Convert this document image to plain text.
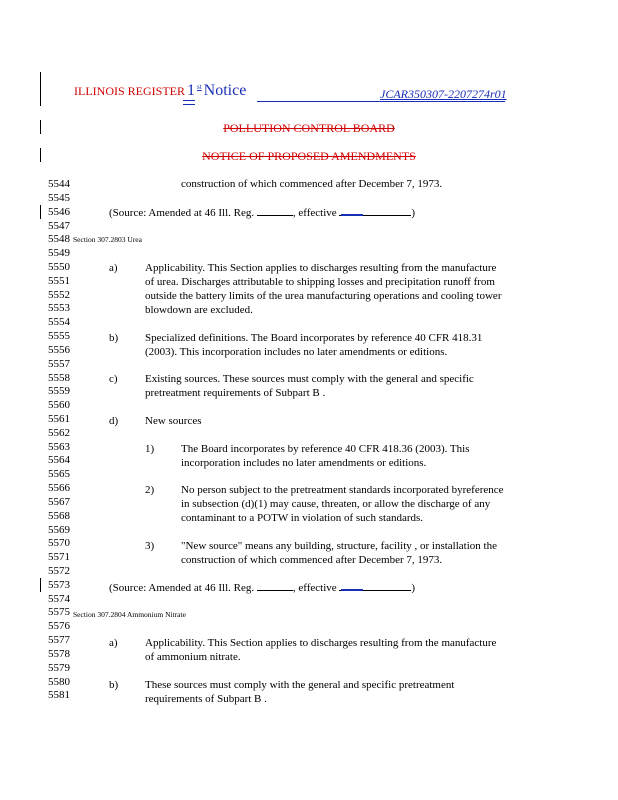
ILLINOIS REGISTER 1 $^{st}$ Notice	JCAR350307-2207274r01
POLLUTION CONTROL BOARD
NOTICE OF PROPOSED AMENDMENTS
5544
5545
5546
5547
5548
5549
5550
5551
5552
5553
5554
5555
5556
5557
5558
5559
5560
5561
5562
5563
5564
5565
5566
5567
5568
5569
5570
5571
5572
5573
5574
5575
5576
5577
5578
5579
5580
5581
construction of which commenced after December 7, 1973.
(Source: Amended at 46 Ill. Reg.	, effective	)
Section 307.2803 Urea
a) Applicability. This Section applies to discharges resulting from the manufacture
of urea. Discharges attributable to shipping losses and precipitation runoff from
outside the battery limits of the urea manufacturing operations and cooling tower
blowdown are excluded.
b) Specialized definitions. The Board incorporates by reference 40 CFR 418.31
(2003). This incorporation includes no later amendments or editions.
c) Existing sources. These sources must comply with the general and specific
pretreatment requirements of Subpart B .
d) New sources
1) The Board incorporates by reference 40 CFR 418.36 (2003). This
incorporation includes no later amendments or editions.
2) No person subject to the pretreatment standards incorporated byreference
in subsection (d)(1) may cause, threaten, or allow the discharge of any
contaminant to a POTW in violation of such standards.
3) "New source" means any building, structure, facility , or installation the
construction of which commenced after December 7, 1973.
(Source: Amended at 46 Ill. Reg.	, effective	)
Section 307.2804 Ammonium Nitrate
a) Applicability. This Section applies to discharges resulting from the manufacture
of ammonium nitrate.
b) These sources must comply with the general and specific pretreatment
requirements of Subpart B .
